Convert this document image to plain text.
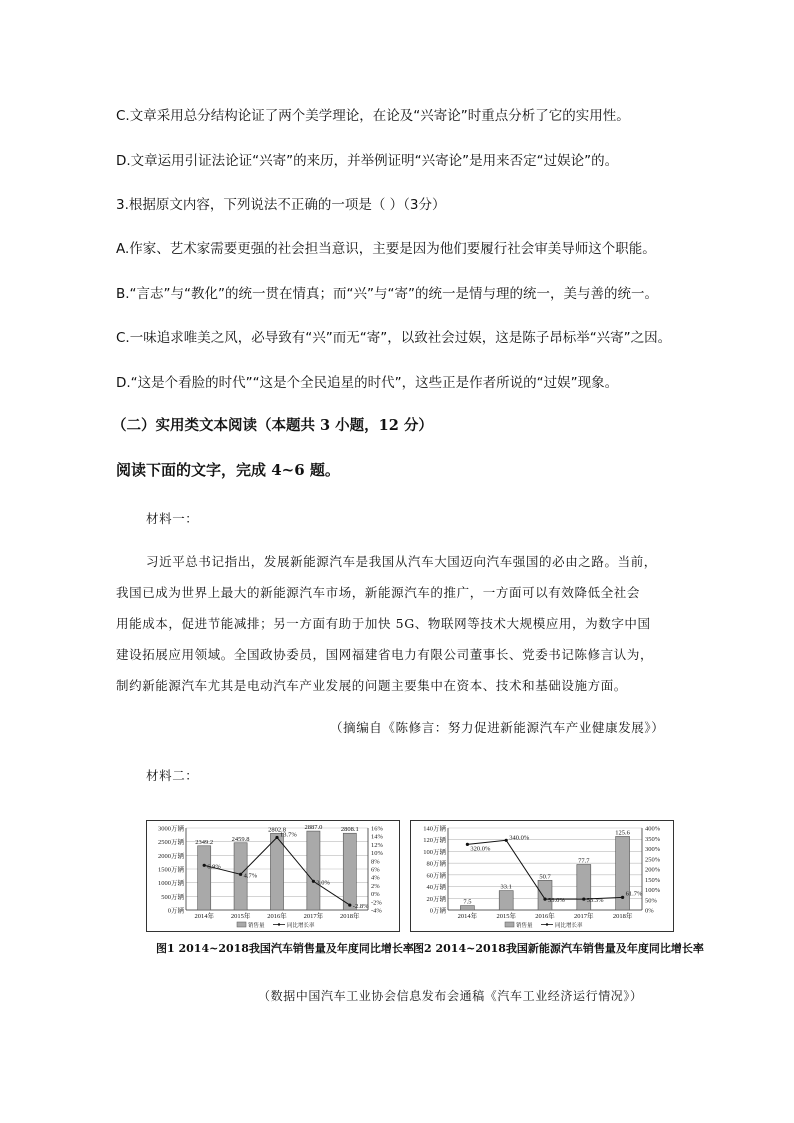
C.文章采用总分结构论证了两个美学理论，在论及“兴寄论”时重点分析了它的实用性。
D.文章运用引证法论证“兴寄”的来历，并举例证明“兴寄论”是用来否定“过娱论”的。
3.根据原文内容，下列说法不正确的一项是（ ）（3分）
A.作家、艺术家需要更强的社会担当意识，主要是因为他们要履行社会审美导师这个职能。
B.“言志”与“教化”的统一贯在情真；而“兴”与“寄”的统一是情与理的统一，美与善的统一。
C.一味追求唯美之风，必导致有“兴”而无“寄”，以致社会过娱，这是陈子昂标举“兴寄”之因。
D.“这是个看脸的时代”“这是个全民追星的时代”，这些正是作者所说的“过娱”现象。
（二）实用类文本阅读（本题共 3 小题，12 分）
阅读下面的文字，完成 4~6 题。
材料一：
习近平总书记指出，发展新能源汽车是我国从汽车大国迈向汽车强国的必由之路。当前，
我国已成为世界上最大的新能源汽车市场，新能源汽车的推广，一方面可以有效降低全社会
用能成本，促进节能减排；另一方面有助于加快 5G、物联网等技术大规模应用，为数字中国
建设拓展应用领域。全国政协委员，国网福建省电力有限公司董事长、党委书记陈修言认为，
制约新能源汽车尤其是电动汽车产业发展的问题主要集中在资本、技术和基础设施方面。
（摘编自《陈修言：努力促进新能源汽车产业健康发展》）
材料二：
3000万辆
2500万辆
2000万辆
1500万辆
1000万辆
500万辆
0万辆
16%
14%
12%
10%
8%
6%
4%
2%
0%
-2%
-4%
2349.2
2014年
2459.8
2015年
2802.8
2016年
2887.0
2017年
2808.1
2018年
6.9%
4.7%
13.7%
3.0%
-2.8%
销售量	同比增长率
140万辆
120万辆
100万辆
80万辆
60万辆
40万辆
20万辆
0万辆
400%
350%
300%
250%
200%
150%
100%
50%
0%
7.5
2014年
33.1
2015年
50.7
2016年
77.7
2017年
125.6
2018年
320.0%
340.0%
53.0%	53.3%
61.7%
销售量	同比增长率
图1 2014~2018我国汽车销售量及年度同比增长率 图2 2014~2018我国新能源汽车销售量及年度同比增长率
（数据中国汽车工业协会信息发布会通稿《汽车工业经济运行情况》）
